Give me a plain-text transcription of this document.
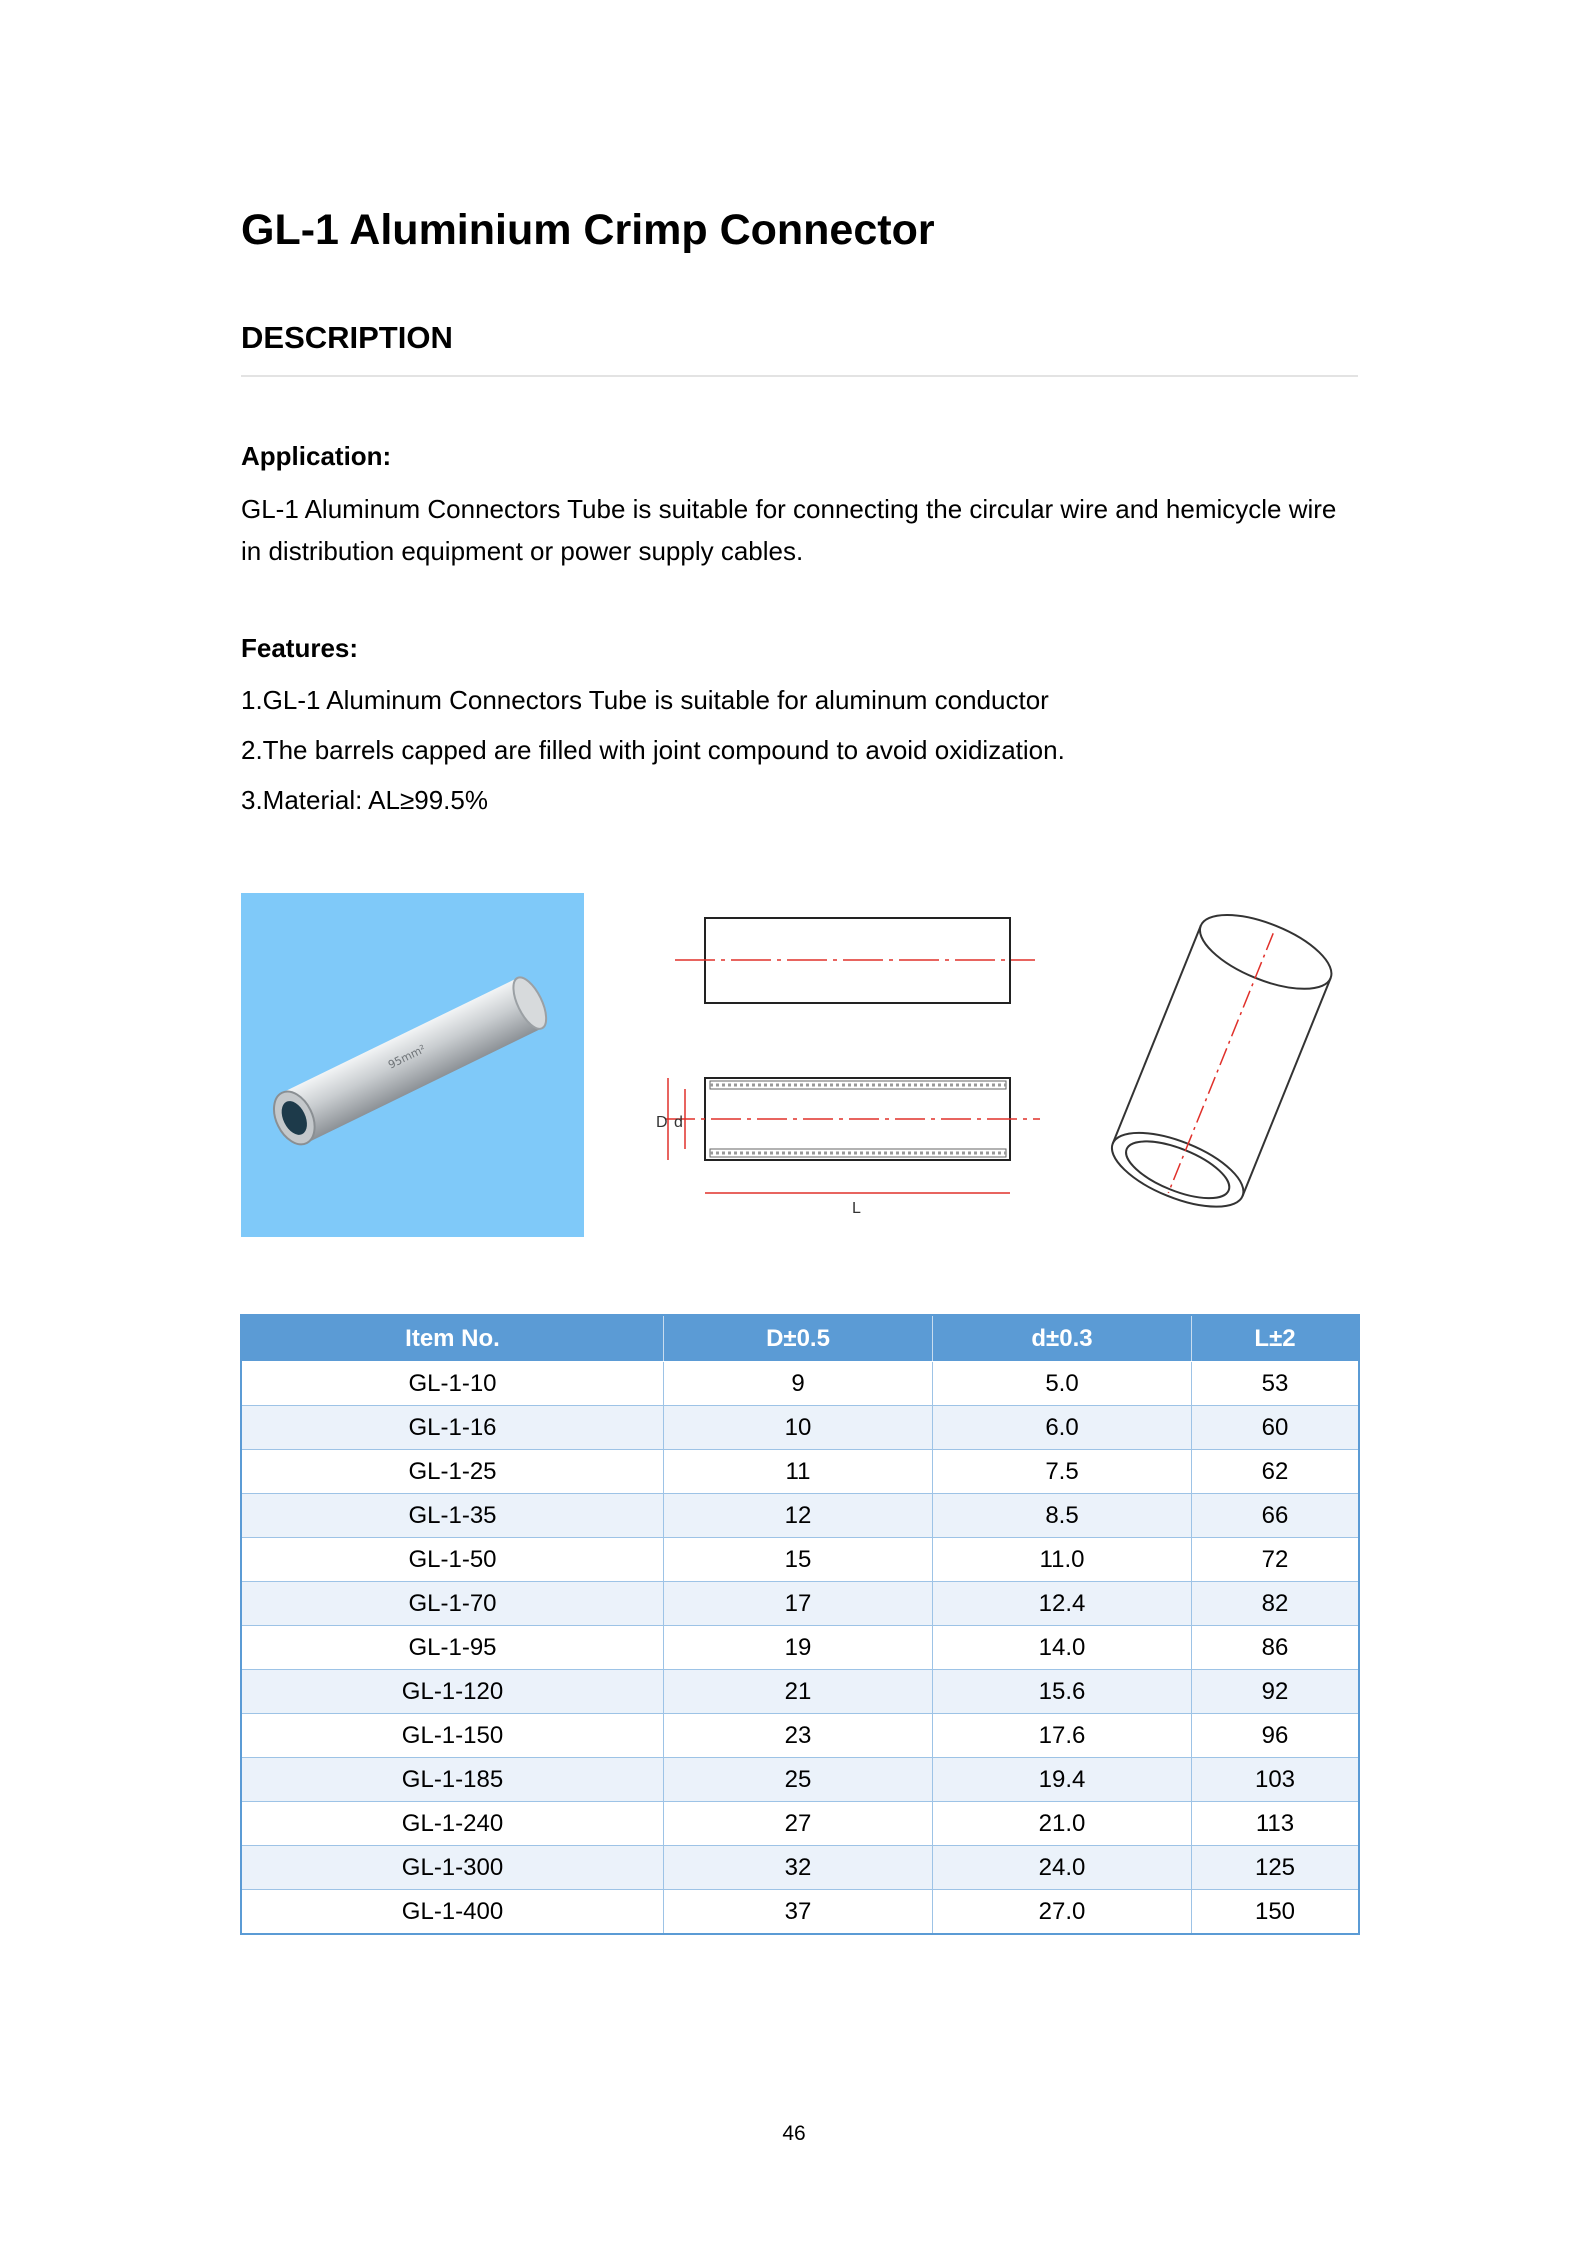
GL-1 Aluminium Crimp Connector
DESCRIPTION
Application:

GL-1 Aluminum Connectors Tube is suitable for connecting the circular wire and hemicycle wire in distribution equipment or power supply cables.

Features:

1.GL-1 Aluminum Connectors Tube is suitable for aluminum conductor

2.The barrels capped are filled with joint compound to avoid oxidization.

3.Material: AL≥99.5%

95mm²
D d
L
Item No.	D±0.5	d±0.3	L±2
GL-1-10	9	5.0	53
GL-1-16	10	6.0	60
GL-1-25	11	7.5	62
GL-1-35	12	8.5	66
GL-1-50	15	11.0	72
GL-1-70	17	12.4	82
GL-1-95	19	14.0	86
GL-1-120	21	15.6	92
GL-1-150	23	17.6	96
GL-1-185	25	19.4	103
GL-1-240	27	21.0	113
GL-1-300	32	24.0	125
GL-1-400	37	27.0	150
46
